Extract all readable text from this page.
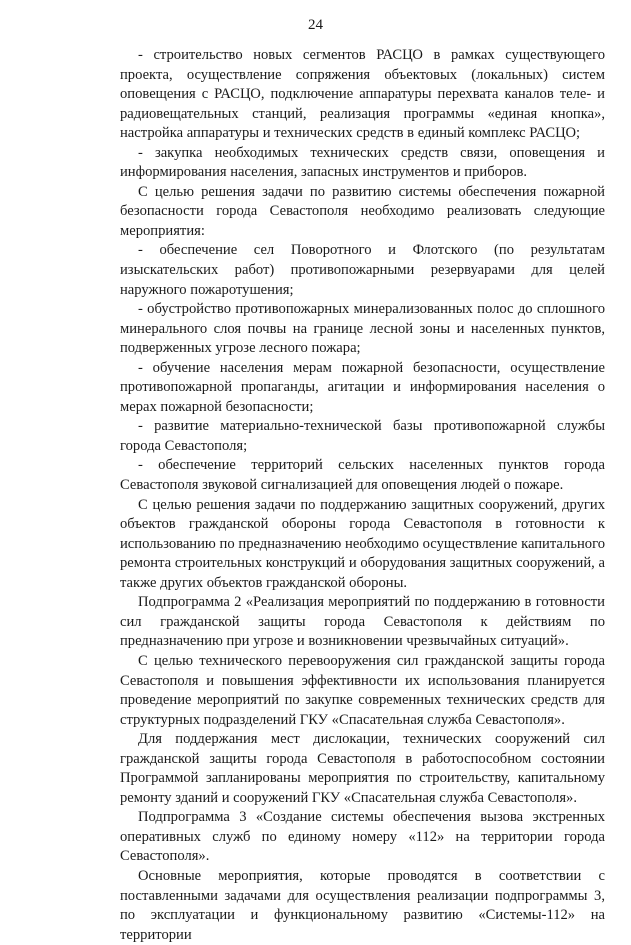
24

- строительство новых сегментов РАСЦО в рамках существующего проекта, осуществление сопряжения объектовых (локальных) систем оповещения с РАСЦО, подключение аппаратуры перехвата каналов теле- и радиовещательных станций, реализация программы «единая кнопка», настройка аппаратуры и технических средств в единый комплекс РАСЦО;

- закупка необходимых технических средств связи, оповещения и информирования населения, запасных инструментов и приборов.

С целью решения задачи по развитию системы обеспечения пожарной безопасности города Севастополя необходимо реализовать следующие мероприятия:

- обеспечение сел Поворотного и Флотского (по результатам изыскательских работ) противопожарными резервуарами для целей наружного пожаротушения;

- обустройство противопожарных минерализованных полос до сплошного минерального слоя почвы на границе лесной зоны и населенных пунктов, подверженных угрозе лесного пожара;

- обучение населения мерам пожарной безопасности, осуществление противопожарной пропаганды, агитации и информирования населения о мерах пожарной безопасности;

- развитие материально-технической базы противопожарной службы города Севастополя;

- обеспечение территорий сельских населенных пунктов города Севастополя звуковой сигнализацией для оповещения людей о пожаре.

С целью решения задачи по поддержанию защитных сооружений, других объектов гражданской обороны города Севастополя в готовности к использованию по предназначению необходимо осуществление капитального ремонта строительных конструкций и оборудования защитных сооружений, а также других объектов гражданской обороны.

Подпрограмма 2 «Реализация мероприятий по поддержанию в готовности сил гражданской защиты города Севастополя к действиям по предназначению при угрозе и возникновении чрезвычайных ситуаций».

С целью технического перевооружения сил гражданской защиты города Севастополя и повышения эффективности их использования планируется проведение мероприятий по закупке современных технических средств для структурных подразделений ГКУ «Спасательная служба Севастополя».

Для поддержания мест дислокации, технических сооружений сил гражданской защиты города Севастополя в работоспособном состоянии Программой запланированы мероприятия по строительству, капитальному ремонту зданий и сооружений ГКУ «Спасательная служба Севастополя».

Подпрограмма 3 «Создание системы обеспечения вызова экстренных оперативных служб по единому номеру «112» на территории города Севастополя».

Основные мероприятия, которые проводятся в соответствии с поставленными задачами для осуществления реализации подпрограммы 3, по эксплуатации и функциональному развитию «Системы-112» на территории
